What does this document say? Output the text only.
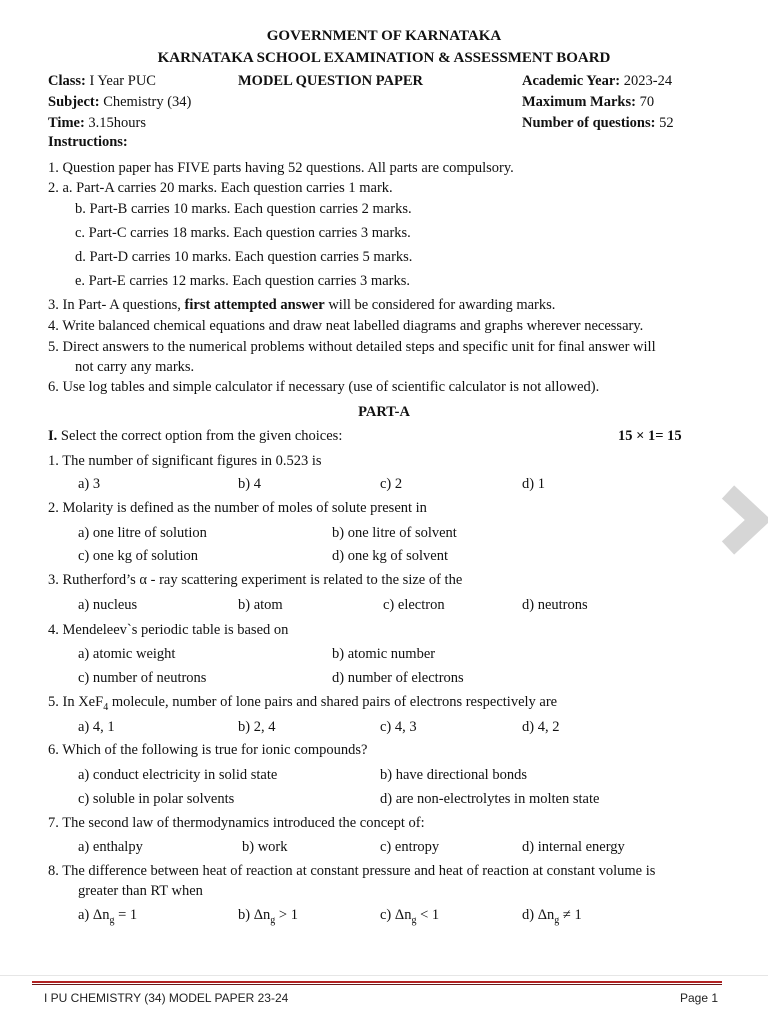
GOVERNMENT OF KARNATAKA
KARNATAKA SCHOOL EXAMINATION & ASSESSMENT BOARD
Class: I Year PUC	MODEL QUESTION PAPER	Academic Year: 2023-24
Subject: Chemistry (34)	Maximum Marks: 70
Time: 3.15hours	Number of questions: 52
Instructions:
1. Question paper has FIVE parts having 52 questions. All parts are compulsory.
2. a. Part-A carries 20 marks. Each question carries 1 mark.
b. Part-B carries 10 marks. Each question carries 2 marks.
c. Part-C carries 18 marks. Each question carries 3 marks.
d. Part-D carries 10 marks. Each question carries 5 marks.
e. Part-E carries 12 marks. Each question carries 3 marks.
3. In Part- A questions, first attempted answer will be considered for awarding marks.
4. Write balanced chemical equations and draw neat labelled diagrams and graphs wherever necessary.
5. Direct answers to the numerical problems without detailed steps and specific unit for final answer will
not carry any marks.
6. Use log tables and simple calculator if necessary (use of scientific calculator is not allowed).
PART-A
I. Select the correct option from the given choices:	15 × 1= 15
1. The number of significant figures in 0.523 is
a) 3	b) 4	c) 2	d) 1
2. Molarity is defined as the number of moles of solute present in
a) one litre of solution	b) one litre of solvent
c) one kg of solution	d) one kg of solvent
3. Rutherford’s α - ray scattering experiment is related to the size of the
a) nucleus	b) atom	c) electron	d) neutrons
4. Mendeleev`s periodic table is based on
a) atomic weight	b) atomic number
c) number of neutrons	d) number of electrons
5. In XeF$_4$ molecule, number of lone pairs and shared pairs of electrons respectively are
a) 4, 1	b) 2, 4	c) 4, 3	d) 4, 2
6. Which of the following is true for ionic compounds?
a) conduct electricity in solid state	b) have directional bonds
c) soluble in polar solvents	d) are non-electrolytes in molten state
7. The second law of thermodynamics introduced the concept of:
a) enthalpy	b) work	c) entropy	d) internal energy
8. The difference between heat of reaction at constant pressure and heat of reaction at constant volume is
greater than RT when
a) $\Delta n_g = 1$	b) $\Delta n_g > 1$	c) $\Delta n_g < 1$	d) $\Delta n_g \ne 1$
I PU CHEMISTRY (34) MODEL PAPER 23-24	Page 1
